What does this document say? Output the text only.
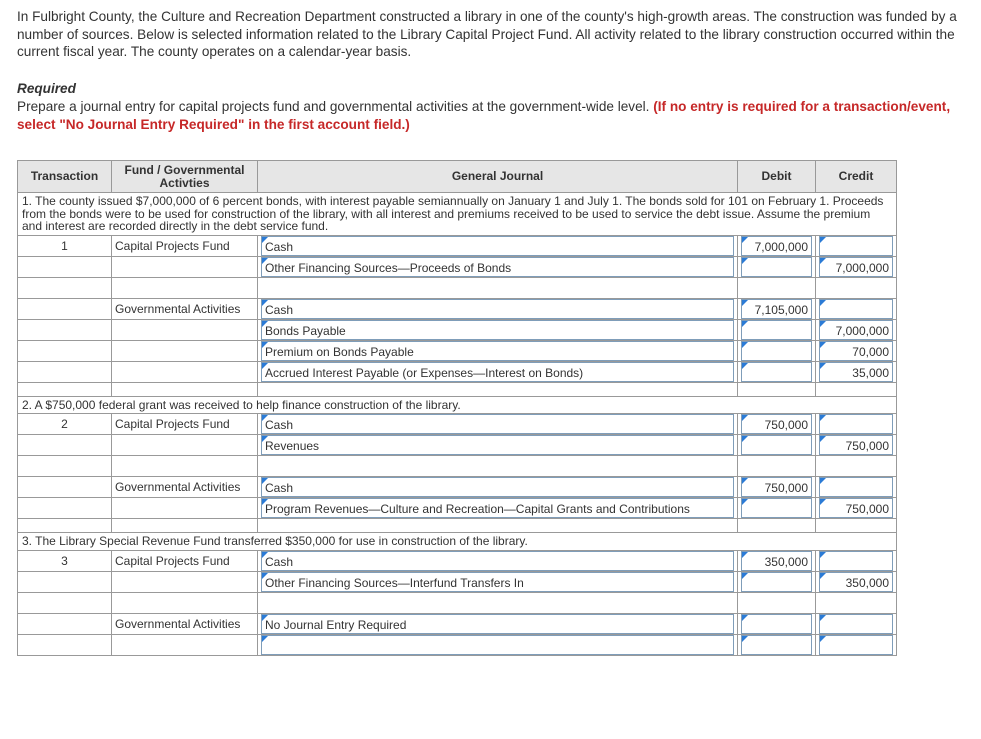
In Fulbright County, the Culture and Recreation Department constructed a library in one of the county's high-growth areas. The construction was funded by a number of sources. Below is selected information related to the Library Capital Project Fund. All activity related to the library construction occurred within the current fiscal year. The county operates on a calendar-year basis.

Required

Prepare a journal entry for capital projects fund and governmental activities at the government-wide level. (If no entry is required for a transaction/event, select "No Journal Entry Required" in the first account field.)

Transaction	Fund / Governmental Activties	General Journal	Debit	Credit
1. The county issued $7,000,000 of 6 percent bonds, with interest payable semiannually on January 1 and July 1. The bonds sold for 101 on February 1. Proceeds from the bonds were to be used for construction of the library, with all interest and premiums received to be used to service the debt issue. Assume the premium and interest are recorded directly in the debt service fund.				
1	Capital Projects Fund	Cash	7,000,000	

		Other Financing Sources—Proceeds of Bonds		7,000,000

	Governmental Activities	Cash	7,105,000	

		Bonds Payable		7,000,000

		Premium on Bonds Payable		70,000

		Accrued Interest Payable (or Expenses—Interest on Bonds)		35,000

2. A $750,000 federal grant was received to help finance construction of the library.				
2	Capital Projects Fund	Cash	750,000	

		Revenues		750,000

	Governmental Activities	Cash	750,000	

		Program Revenues—Culture and Recreation—Capital Grants and Contributions		750,000

3. The Library Special Revenue Fund transferred $350,000 for use in construction of the library.				
3	Capital Projects Fund	Cash	350,000	

		Other Financing Sources—Interfund Transfers In		350,000

	Governmental Activities	No Journal Entry Required		
